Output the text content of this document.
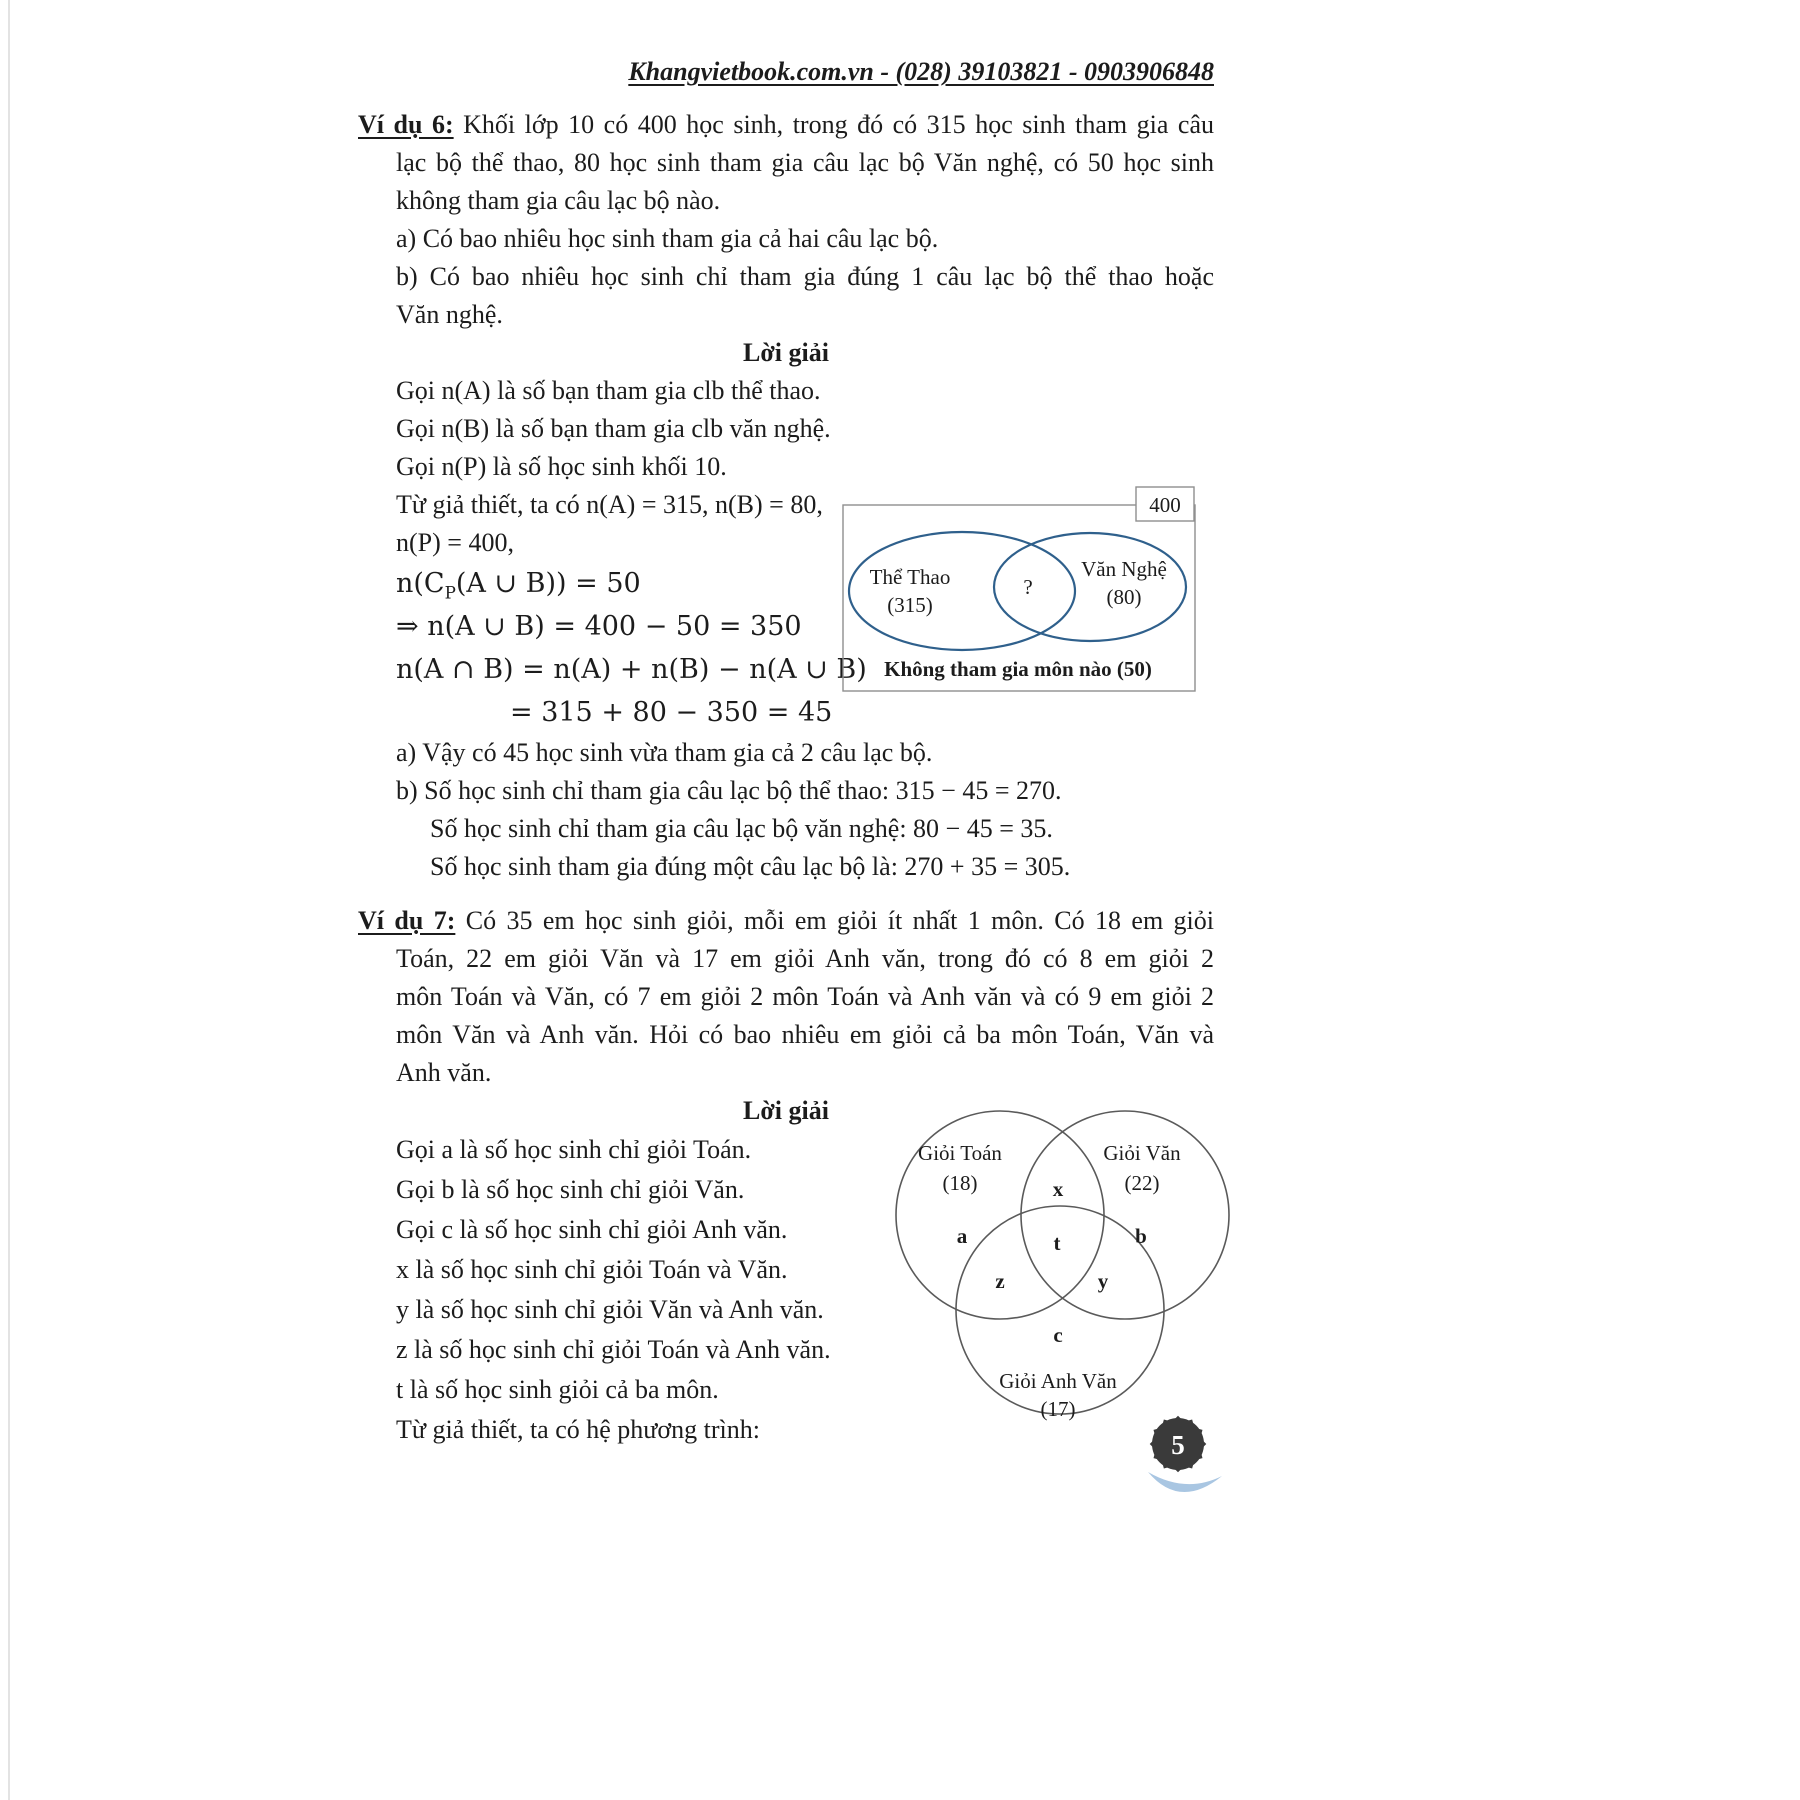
Khangvietbook.com.vn - (028) 39103821 - 0903906848
Ví dụ 6: Khối lớp 10 có 400 học sinh, trong đó có 315 học sinh tham gia câu
lạc bộ thể thao, 80 học sinh tham gia câu lạc bộ Văn nghệ, có 50 học sinh
không tham gia câu lạc bộ nào.
a) Có bao nhiêu học sinh tham gia cả hai câu lạc bộ.
b) Có bao nhiêu học sinh chỉ tham gia đúng 1 câu lạc bộ thể thao hoặc
Văn nghệ.
Lời giải
Gọi n(A) là số bạn tham gia clb thể thao.
Gọi n(B) là số bạn tham gia clb văn nghệ.
Gọi n(P) là số học sinh khối 10.
Từ giả thiết, ta có n(A) = 315, n(B) = 80,
n(P) = 400,
$n(C_P(A$ ∪ B)) = 50
⇒ n(A ∪ B) = 400 − 50 = 350
n(A ∩ B) = n(A) + n(B) − n(A ∪ B)
= 315 + 80 − 350 = 45
a) Vậy có 45 học sinh vừa tham gia cả 2 câu lạc bộ.
b) Số học sinh chỉ tham gia câu lạc bộ thể thao: 315 − 45 = 270.
Số học sinh chỉ tham gia câu lạc bộ văn nghệ: 80 − 45 = 35.
Số học sinh tham gia đúng một câu lạc bộ là: 270 + 35 = 305.
Ví dụ 7: Có 35 em học sinh giỏi, mỗi em giỏi ít nhất 1 môn. Có 18 em giỏi
Toán, 22 em giỏi Văn và 17 em giỏi Anh văn, trong đó có 8 em giỏi 2
môn Toán và Văn, có 7 em giỏi 2 môn Toán và Anh văn và có 9 em giỏi 2
môn Văn và Anh văn. Hỏi có bao nhiêu em giỏi cả ba môn Toán, Văn và
Anh văn.
Lời giải
Gọi a là số học sinh chỉ giỏi Toán.
Gọi b là số học sinh chỉ giỏi Văn.
Gọi c là số học sinh chỉ giỏi Anh văn.
x là số học sinh chỉ giỏi Toán và Văn.
y là số học sinh chỉ giỏi Văn và Anh văn.
z là số học sinh chỉ giỏi Toán và Anh văn.
t là số học sinh giỏi cả ba môn.
Từ giả thiết, ta có hệ phương trình:
400
Thể Thao
(315)
?
Văn Nghệ
(80)
Không tham gia môn nào (50)
Giỏi Toán
(18)
Giỏi Văn
(22)
x
a	b
t
z	y
c
Giỏi Anh Văn
(17)
5
